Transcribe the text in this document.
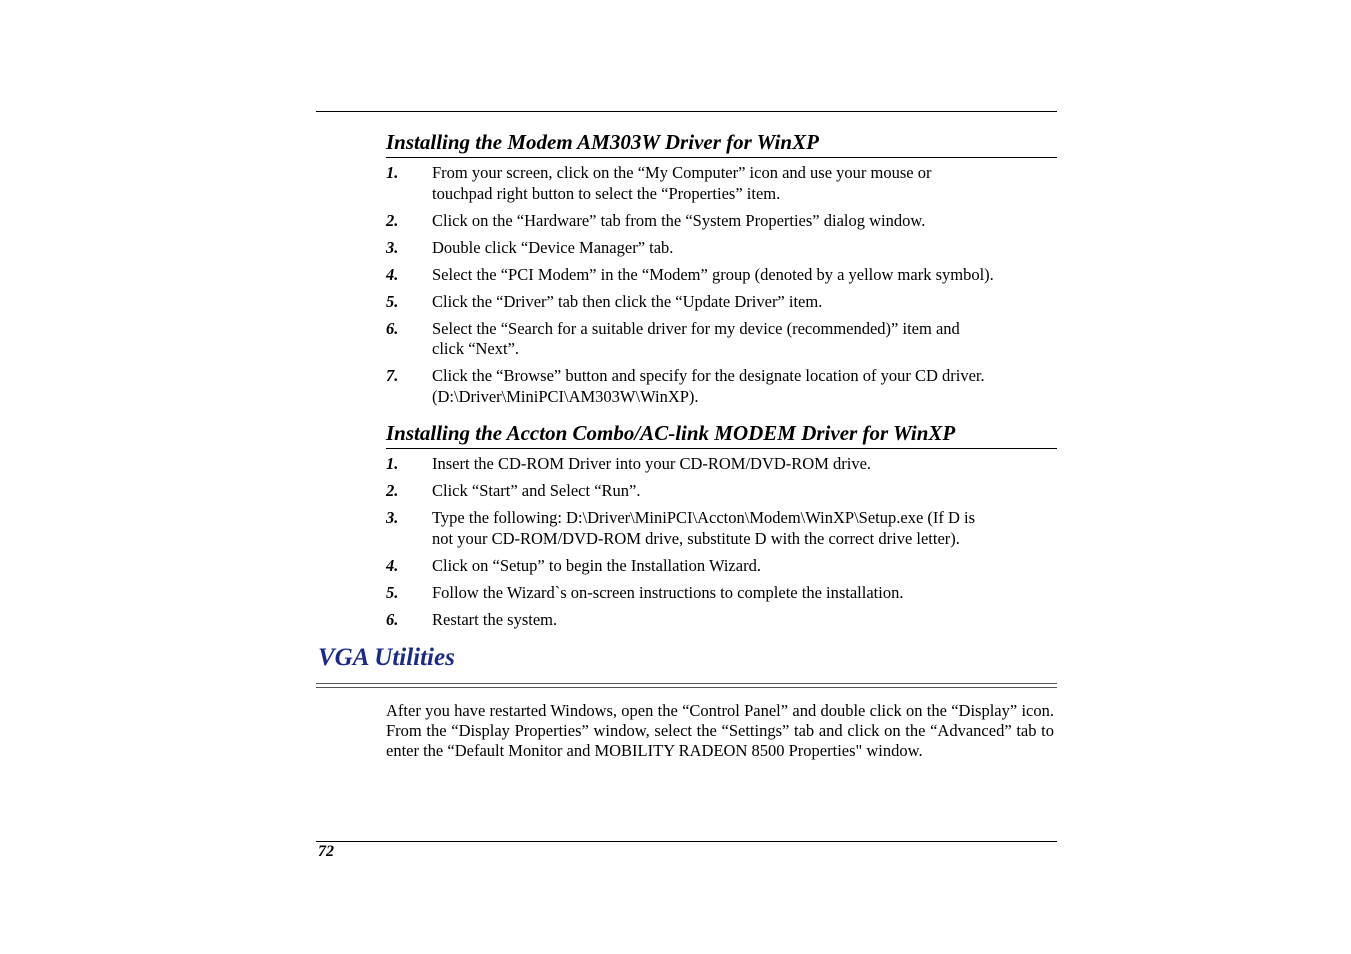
Installing the Modem AM303W Driver for WinXP
1.	From your screen, click on the “My Computer” icon and use your mouse or
touchpad right button to select the “Properties” item.
2.	Click on the “Hardware” tab from the “System Properties” dialog window.
3.	Double click “Device Manager” tab.
4.	Select the “PCI Modem” in the “Modem” group (denoted by a yellow mark symbol).
5.	Click the “Driver” tab then click the “Update Driver” item.
6.	Select the “Search for a suitable driver for my device (recommended)” item and
click “Next”.
7.	Click the “Browse” button and specify for the designate location of your CD driver.
(D:\Driver\MiniPCI\AM303W\WinXP).
Installing the Accton Combo/AC-link MODEM Driver for WinXP
1.	Insert the CD-ROM Driver into your CD-ROM/DVD-ROM drive.
2.	Click “Start” and Select “Run”.
3.	Type the following: D:\Driver\MiniPCI\Accton\Modem\WinXP\Setup.exe (If D is
not your CD-ROM/DVD-ROM drive, substitute D with the correct drive letter).
4.	Click on “Setup” to begin the Installation Wizard.
5.	Follow the Wizard`s on-screen instructions to complete the installation.
6.	Restart the system.
VGA Utilities

After you have restarted Windows, open the “Control Panel” and double click on the “Display” icon. From the “Display Properties” window, select the “Settings” tab and click on the “Advanced” tab to enter the “Default Monitor and MOBILITY RADEON 8500 Properties" window.

72
